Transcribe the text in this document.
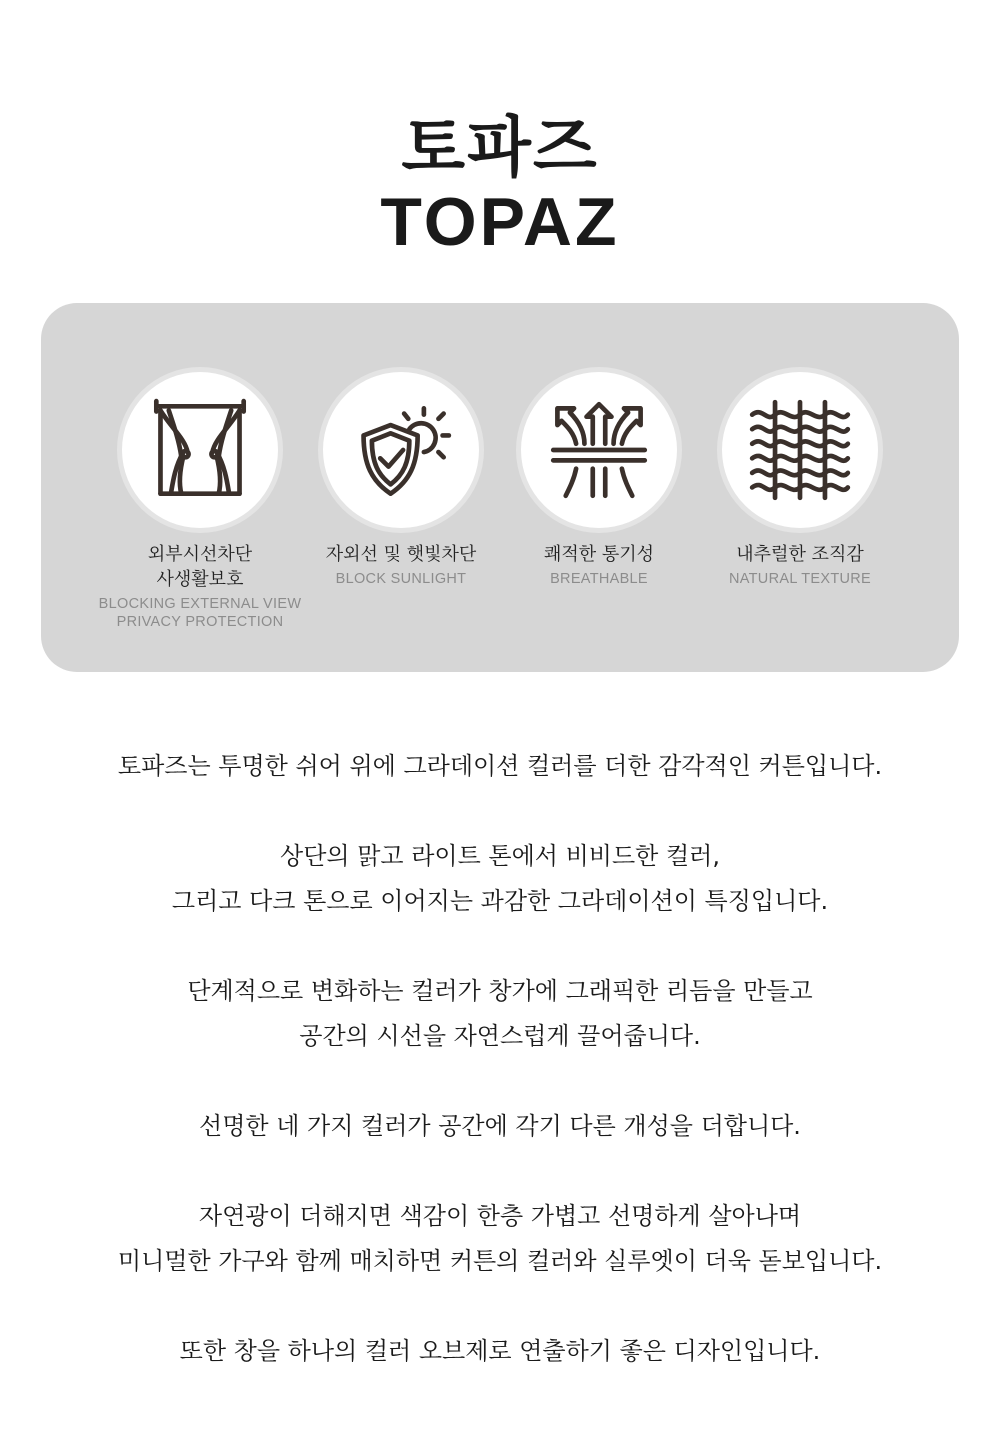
토파즈
TOPAZ
외부시선차단
사생활보호
BLOCKING EXTERNAL VIEW
PRIVACY PROTECTION
자외선 및 햇빛차단
BLOCK SUNLIGHT
쾌적한 통기성
BREATHABLE
내추럴한 조직감
NATURAL TEXTURE
토파즈는 투명한 쉬어 위에 그라데이션 컬러를 더한 감각적인 커튼입니다.
상단의 맑고 라이트 톤에서 비비드한 컬러,
그리고 다크 톤으로 이어지는 과감한 그라데이션이 특징입니다.
단계적으로 변화하는 컬러가 창가에 그래픽한 리듬을 만들고
공간의 시선을 자연스럽게 끌어줍니다.
선명한 네 가지 컬러가 공간에 각기 다른 개성을 더합니다.
자연광이 더해지면 색감이 한층 가볍고 선명하게 살아나며
미니멀한 가구와 함께 매치하면 커튼의 컬러와 실루엣이 더욱 돋보입니다.
또한 창을 하나의 컬러 오브제로 연출하기 좋은 디자인입니다.
